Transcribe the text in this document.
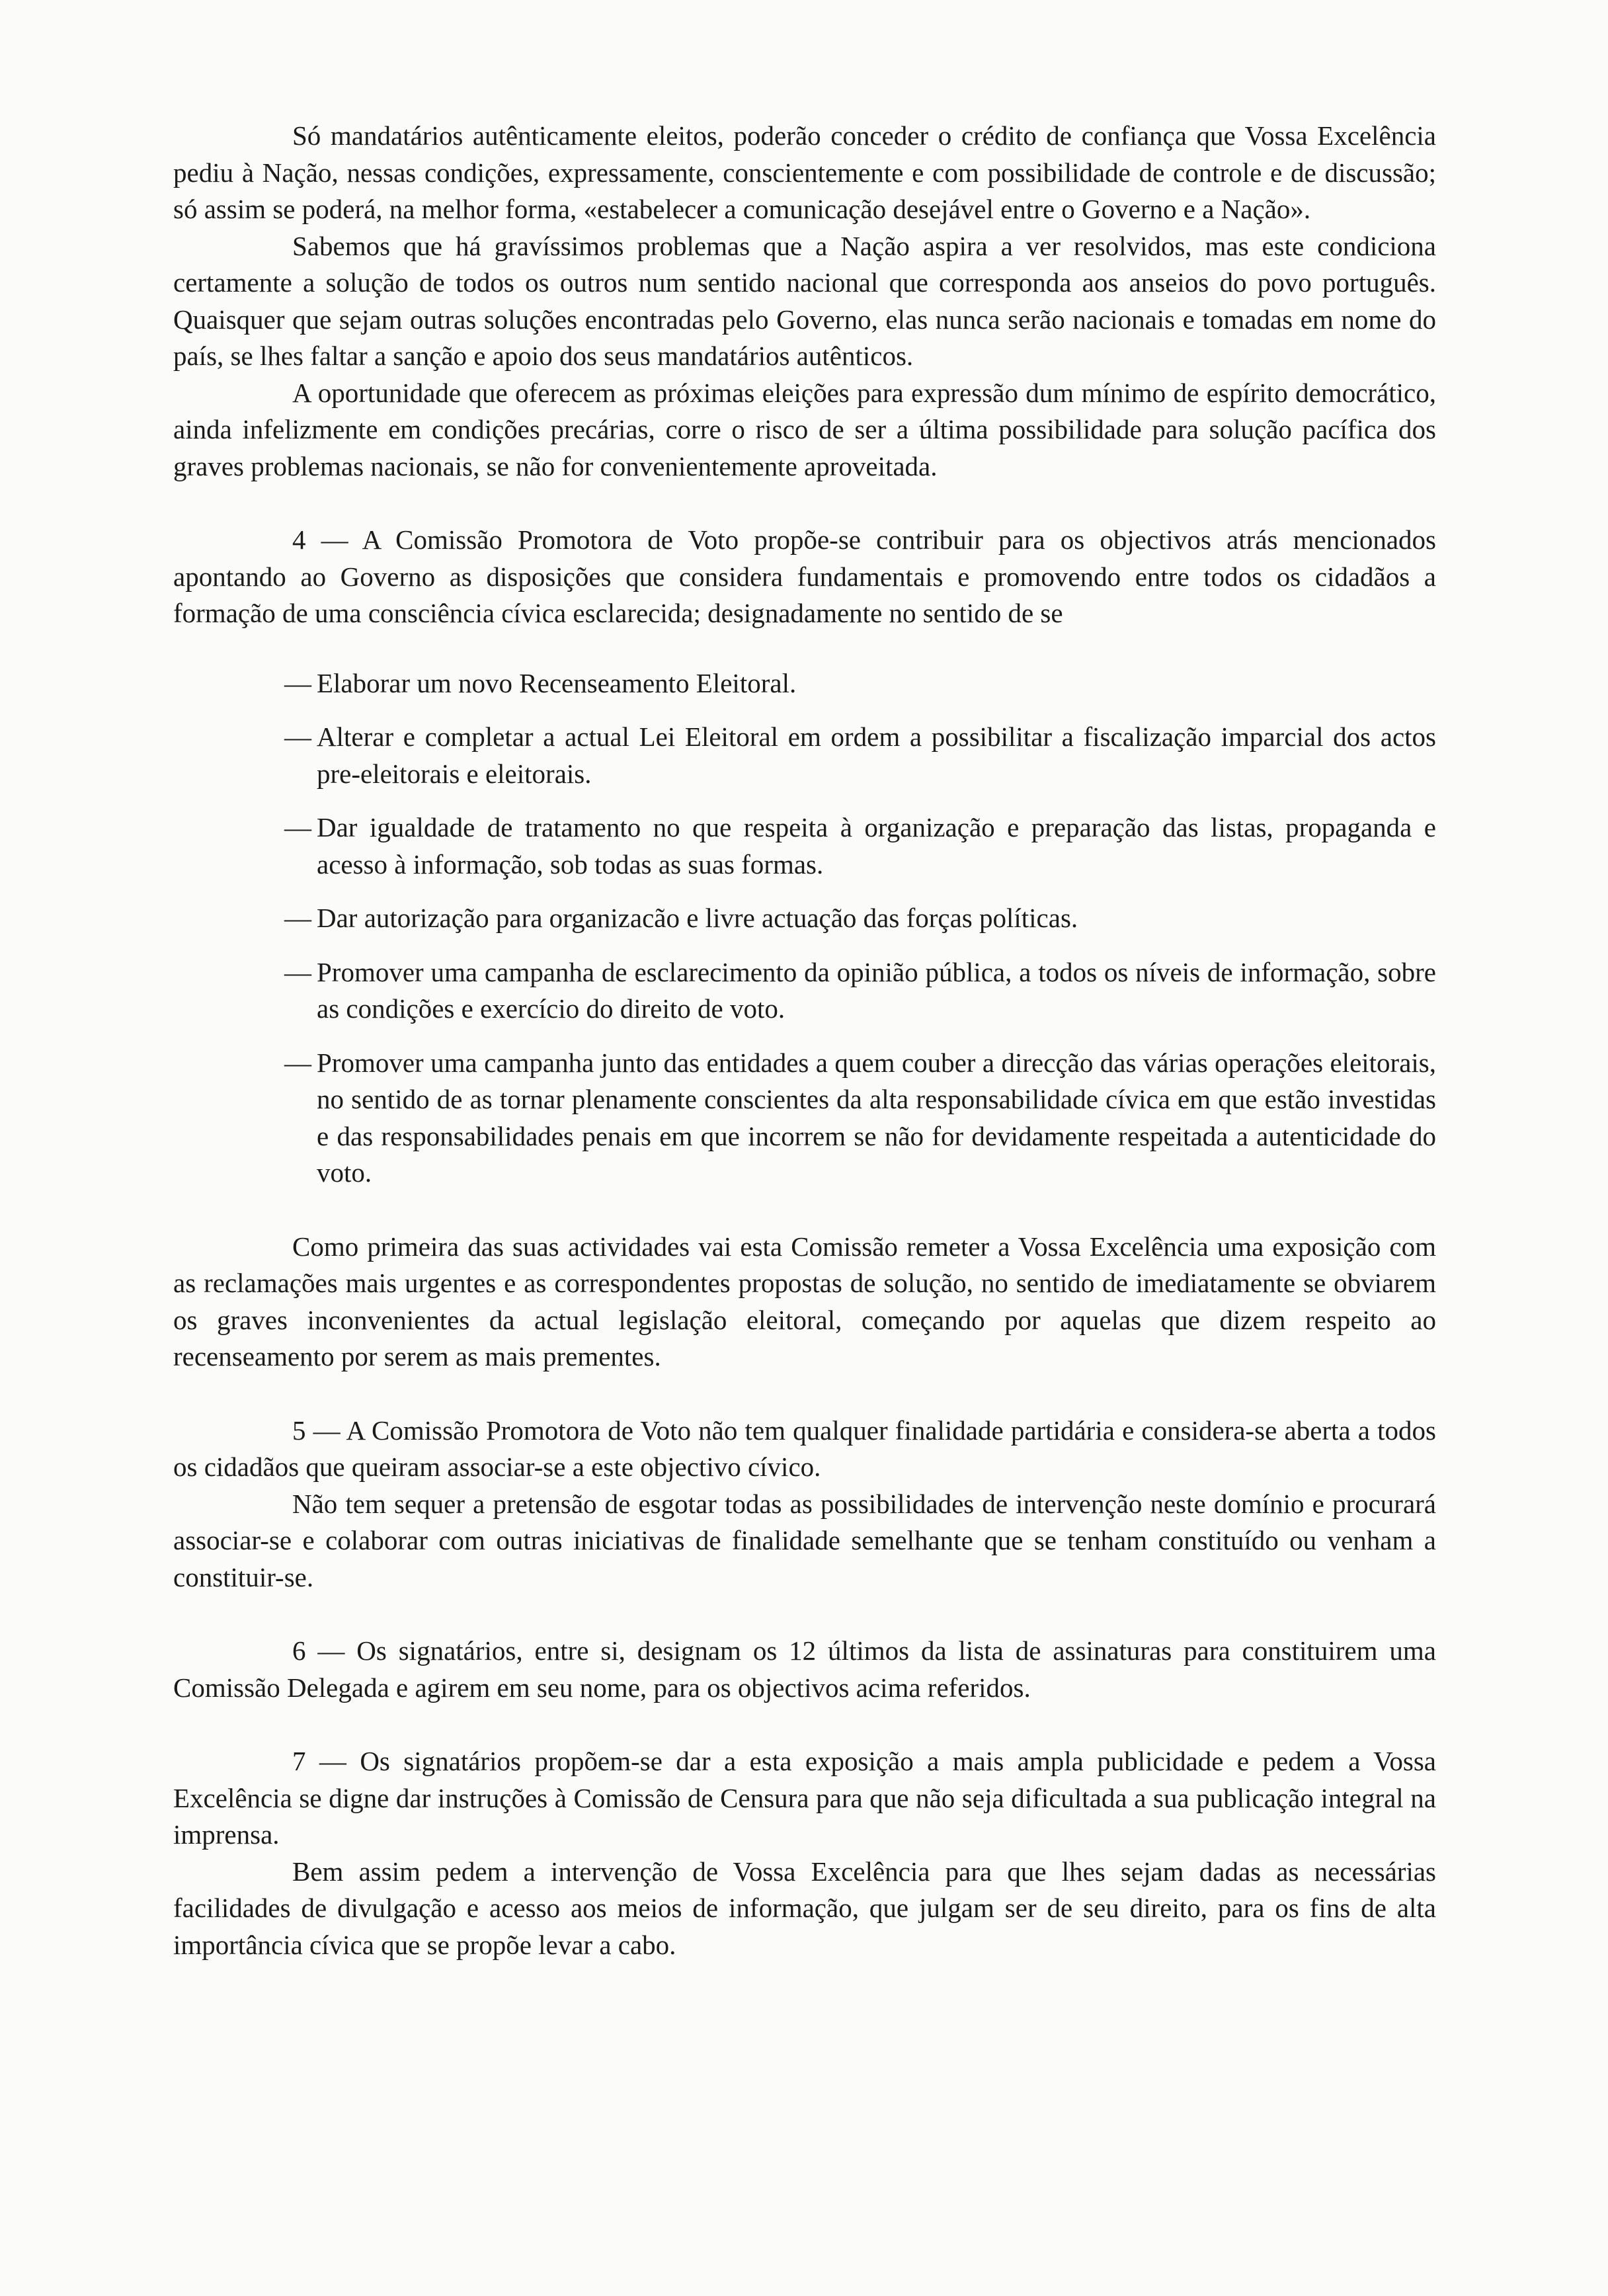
Só mandatários autênticamente eleitos, poderão conceder o crédito de confiança que Vossa Excelência pediu à Nação, nessas condições, expressamente, conscientemente e com possibilidade de controle e de discussão; só assim se poderá, na melhor forma, «estabelecer a comunicação desejável entre o Governo e a Nação».

Sabemos que há gravíssimos problemas que a Nação aspira a ver resolvidos, mas este condiciona certamente a solução de todos os outros num sentido nacional que corresponda aos anseios do povo português. Quaisquer que sejam outras soluções encontradas pelo Governo, elas nunca serão nacionais e tomadas em nome do país, se lhes faltar a sanção e apoio dos seus mandatários autênticos.

A oportunidade que oferecem as próximas eleições para expressão dum mínimo de espírito democrático, ainda infelizmente em condições precárias, corre o risco de ser a última possibilidade para solução pacífica dos graves problemas nacionais, se não for convenientemente aproveitada.

4 — A Comissão Promotora de Voto propõe-se contribuir para os objectivos atrás mencionados apontando ao Governo as disposições que considera fundamentais e promovendo entre todos os cidadãos a formação de uma consciência cívica esclarecida; designadamente no sentido de se

— Elaborar um novo Recenseamento Eleitoral.
— Alterar e completar a actual Lei Eleitoral em ordem a possibilitar a fiscalização imparcial dos actos pre-eleitorais e eleitorais.
— Dar igualdade de tratamento no que respeita à organização e preparação das listas, propaganda e acesso à informação, sob todas as suas formas.
— Dar autorização para organizacão e livre actuação das forças políticas.
— Promover uma campanha de esclarecimento da opinião pública, a todos os níveis de informação, sobre as condições e exercício do direito de voto.
— Promover uma campanha junto das entidades a quem couber a direcção das várias operações eleitorais, no sentido de as tornar plenamente conscientes da alta responsabilidade cívica em que estão investidas e das responsabilidades penais em que incorrem se não for devidamente respeitada a autenticidade do voto.

Como primeira das suas actividades vai esta Comissão remeter a Vossa Excelência uma exposição com as reclamações mais urgentes e as correspondentes propostas de solução, no sentido de imediatamente se obviarem os graves inconvenientes da actual legislação eleitoral, começando por aquelas que dizem respeito ao recenseamento por serem as mais prementes.

5 — A Comissão Promotora de Voto não tem qualquer finalidade partidária e considera-se aberta a todos os cidadãos que queiram associar-se a este objectivo cívico.

Não tem sequer a pretensão de esgotar todas as possibilidades de intervenção neste domínio e procurará associar-se e colaborar com outras iniciativas de finalidade semelhante que se tenham constituído ou venham a constituir-se.

6 — Os signatários, entre si, designam os 12 últimos da lista de assinaturas para constituirem uma Comissão Delegada e agirem em seu nome, para os objectivos acima referidos.

7 — Os signatários propõem-se dar a esta exposição a mais ampla publicidade e pedem a Vossa Excelência se digne dar instruções à Comissão de Censura para que não seja dificultada a sua publicação integral na imprensa.

Bem assim pedem a intervenção de Vossa Excelência para que lhes sejam dadas as necessárias facilidades de divulgação e acesso aos meios de informação, que julgam ser de seu direito, para os fins de alta importância cívica que se propõe levar a cabo.
